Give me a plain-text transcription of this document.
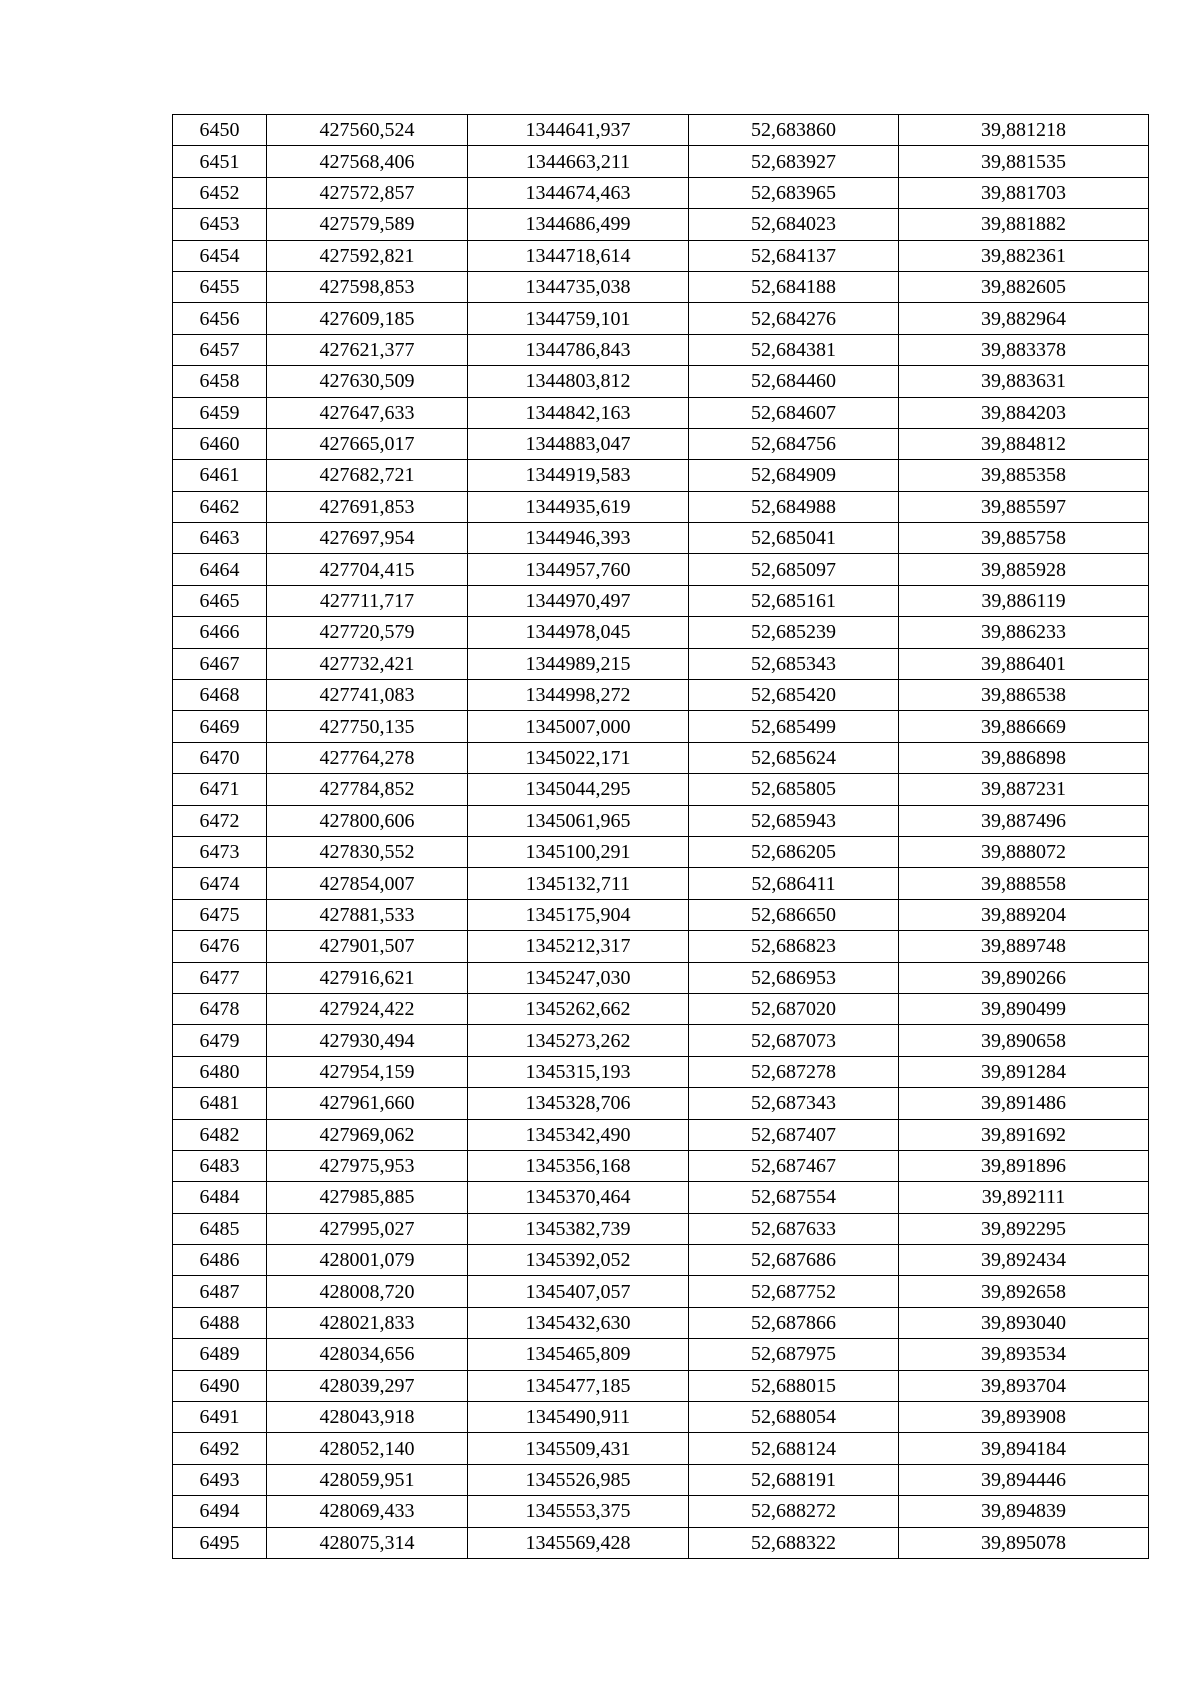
6450	427560,524	1344641,937	52,683860	39,881218
6451	427568,406	1344663,211	52,683927	39,881535
6452	427572,857	1344674,463	52,683965	39,881703
6453	427579,589	1344686,499	52,684023	39,881882
6454	427592,821	1344718,614	52,684137	39,882361
6455	427598,853	1344735,038	52,684188	39,882605
6456	427609,185	1344759,101	52,684276	39,882964
6457	427621,377	1344786,843	52,684381	39,883378
6458	427630,509	1344803,812	52,684460	39,883631
6459	427647,633	1344842,163	52,684607	39,884203
6460	427665,017	1344883,047	52,684756	39,884812
6461	427682,721	1344919,583	52,684909	39,885358
6462	427691,853	1344935,619	52,684988	39,885597
6463	427697,954	1344946,393	52,685041	39,885758
6464	427704,415	1344957,760	52,685097	39,885928
6465	427711,717	1344970,497	52,685161	39,886119
6466	427720,579	1344978,045	52,685239	39,886233
6467	427732,421	1344989,215	52,685343	39,886401
6468	427741,083	1344998,272	52,685420	39,886538
6469	427750,135	1345007,000	52,685499	39,886669
6470	427764,278	1345022,171	52,685624	39,886898
6471	427784,852	1345044,295	52,685805	39,887231
6472	427800,606	1345061,965	52,685943	39,887496
6473	427830,552	1345100,291	52,686205	39,888072
6474	427854,007	1345132,711	52,686411	39,888558
6475	427881,533	1345175,904	52,686650	39,889204
6476	427901,507	1345212,317	52,686823	39,889748
6477	427916,621	1345247,030	52,686953	39,890266
6478	427924,422	1345262,662	52,687020	39,890499
6479	427930,494	1345273,262	52,687073	39,890658
6480	427954,159	1345315,193	52,687278	39,891284
6481	427961,660	1345328,706	52,687343	39,891486
6482	427969,062	1345342,490	52,687407	39,891692
6483	427975,953	1345356,168	52,687467	39,891896
6484	427985,885	1345370,464	52,687554	39,892111
6485	427995,027	1345382,739	52,687633	39,892295
6486	428001,079	1345392,052	52,687686	39,892434
6487	428008,720	1345407,057	52,687752	39,892658
6488	428021,833	1345432,630	52,687866	39,893040
6489	428034,656	1345465,809	52,687975	39,893534
6490	428039,297	1345477,185	52,688015	39,893704
6491	428043,918	1345490,911	52,688054	39,893908
6492	428052,140	1345509,431	52,688124	39,894184
6493	428059,951	1345526,985	52,688191	39,894446
6494	428069,433	1345553,375	52,688272	39,894839
6495	428075,314	1345569,428	52,688322	39,895078
